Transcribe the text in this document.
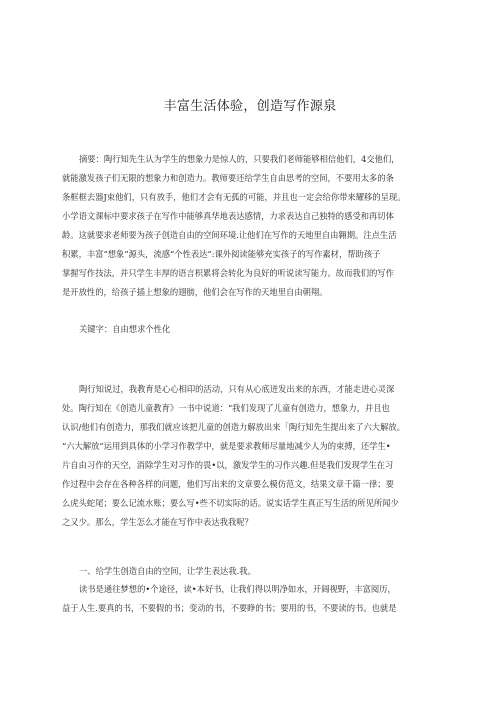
丰富生活体验，创造写作源泉
摘要：陶行知先生认为学生的想象力是惊人的，只要我们老师能够相信他们，4交他们，
就能激发孩子们无限的想象力和创造力。教师要还给学生自由思考的空间，不要用太多的条
条框框去器J束他们，只有放手，他们才会有无孤的可能，并且也一定会给你带来耀移的呈现。
小学语文课标中要求孩子在写作中能够真华地表达感情，力求表达自己独特的感受和再切体
龄。这就要求老师要为孩子创造自由的空间环境.让他们在写作的天地里自由翱期。注点生活
积累，丰富“想象”源头，流感“个性表达”:课外阅读能够充实孩子的写作素材，帮助孩子
掌握写作技法，并只学生丰厚的语言枳累将会转化为良好的听说读写能力。故而我们的写作
是开放性的，给孩子插上想象的翅膀，他们会在写作的天地里自由朝翔。
关键字：自由想求个性化
陶行知说过，我教育是心心相印的活动，只有从心底迸发出来的东西，才能走进心灵深
处。陶行知在《创造儿童教育》一书中说道：“我们发现了儿童有创造力，想象力，并且也
认识/他们有创造力，那我们就应该把儿童的创造力解放出来「陶行知先生提出来了六大解放。
“六大解放”运用到具体的小学习作教学中，就是要求教师尽量地减少人为的束搏，还学生•
片自由习作的天空，消除学生对习作的畏•以，激发学生的习作兴趣.但是我们发现学生在习
作过程中会存在各种各样的问题，他们写出来的文章要么模仿范文，结果文章千篇一律；要
么虎头蛇尾；要么记流水账；要么写•些不切实际的话。说实话学生真正写生活的所见所闻少
之又少。那么，学生怎么才能在写作中表达我我呢？
一、给学生创造自由的空间，让学生表达我.我。
读书是通往梦想的•个途径，读•本好书，让我们得以明净如水，开阔视野，丰富阅历，
益于人生.要真的书，不要假的书；变动的书，不要睁的书；要用的书，不要读的书。也就是
